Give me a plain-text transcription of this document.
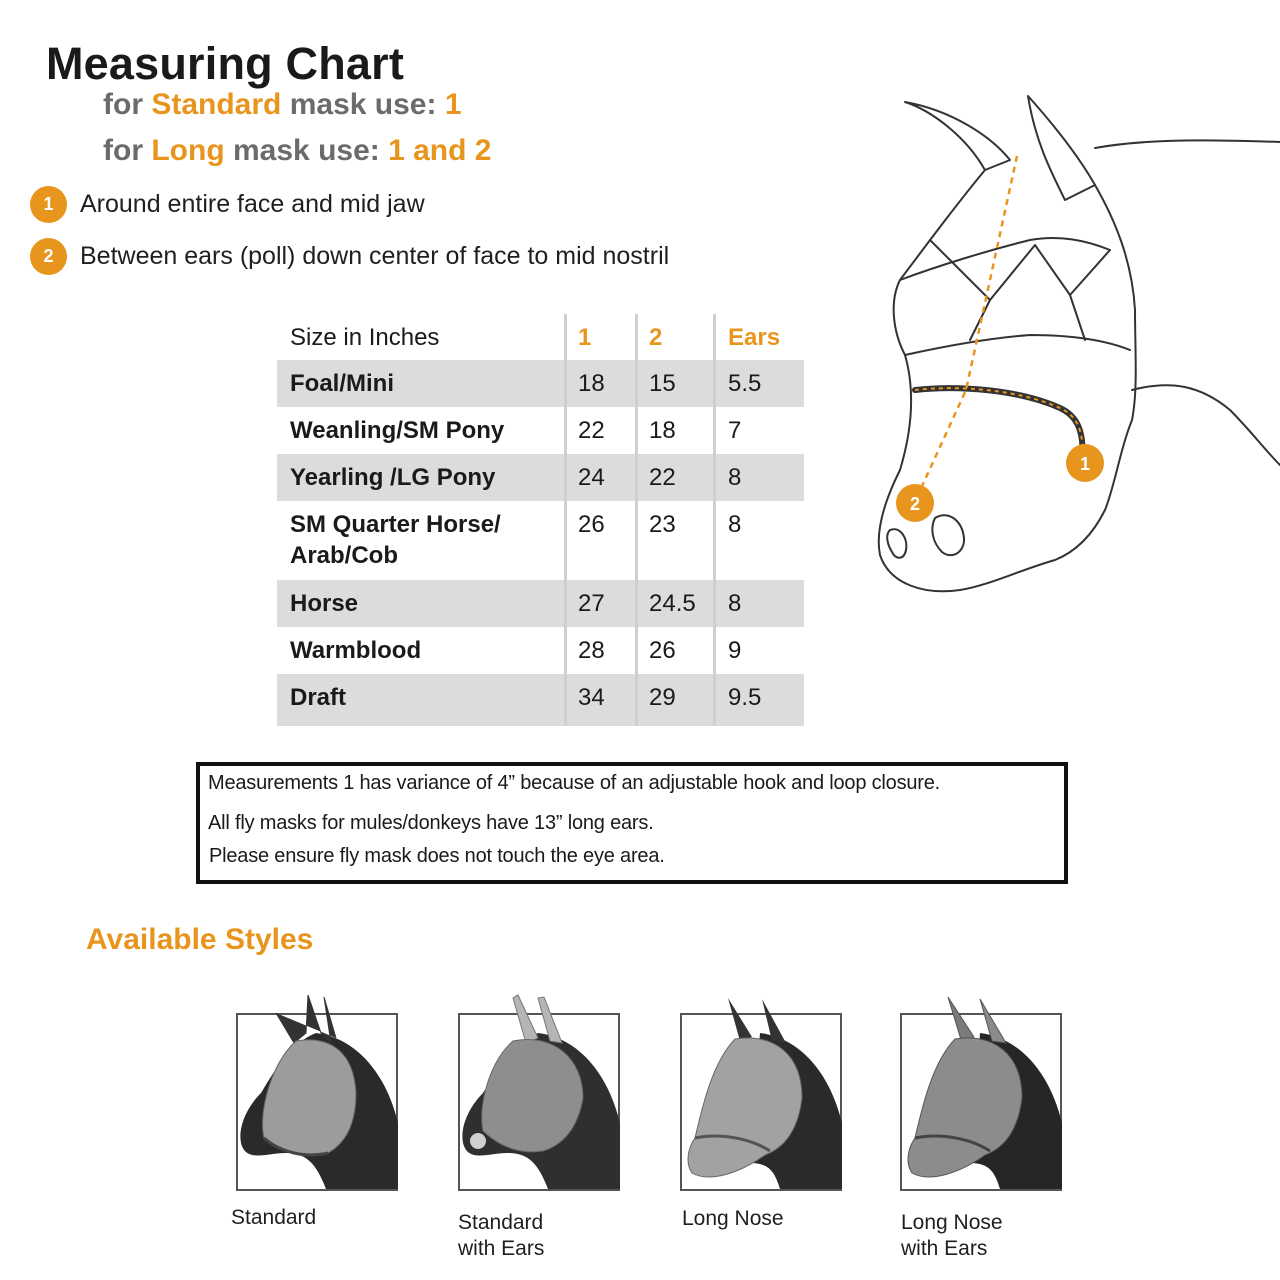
Measuring Chart
for Standard mask use: 1
for Long mask use: 1 and 2
1	Around entire face and mid jaw
2	Between ears (poll) down center of face to mid nostril
Size in Inches	1	2	Ears
Foal/Mini	18	15	5.5
Weanling/SM Pony	22	18	7
Yearling /LG Pony	24	22	8
SM Quarter Horse/
Arab/Cob
26	23	8
Horse	27	24.5	8
Warmblood	28	26	9
Draft	34	29	9.5
1
2
Measurements 1 has variance of 4” because of an adjustable hook and loop closure.
All fly masks for mules/donkeys have 13” long ears.
Please ensure fly mask does not touch the eye area.
Available Styles
Standard	Standard
with Ears
Long Nose	Long Nose
with Ears
